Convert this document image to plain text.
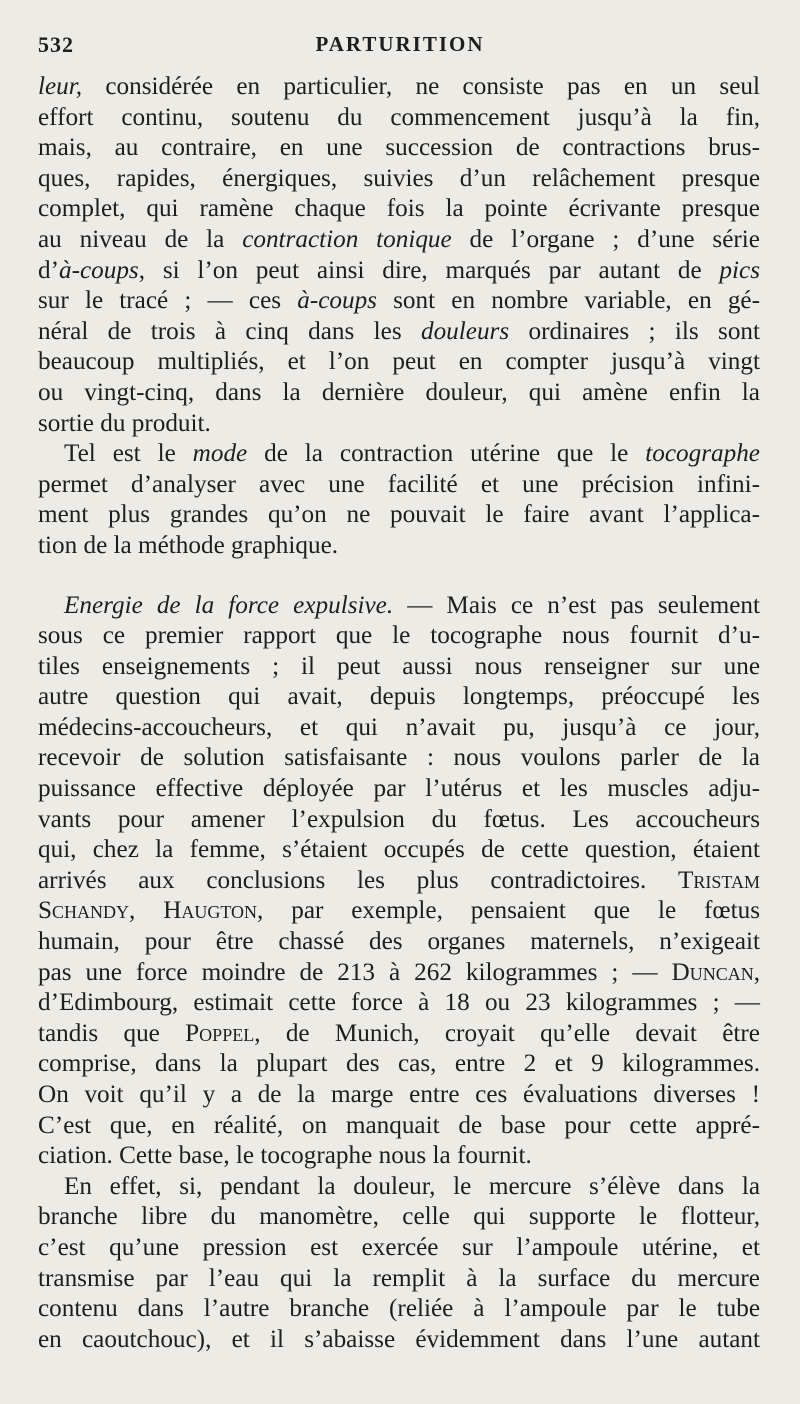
532	PARTURITION
leur, considérée en particulier, ne consiste pas en un seul
effort continu, soutenu du commencement jusqu’à la fin,
mais, au contraire, en une succession de contractions brus-
ques, rapides, énergiques, suivies d’un relâchement presque
complet, qui ramène chaque fois la pointe écrivante presque
au niveau de la contraction tonique de l’organe ; d’une série
d’à-coups, si l’on peut ainsi dire, marqués par autant de pics
sur le tracé ; — ces à-coups sont en nombre variable, en gé-
néral de trois à cinq dans les douleurs ordinaires ; ils sont
beaucoup multipliés, et l’on peut en compter jusqu’à vingt
ou vingt-cinq, dans la dernière douleur, qui amène enfin la
sortie du produit.
Tel est le mode de la contraction utérine que le tocographe
permet d’analyser avec une facilité et une précision infini-
ment plus grandes qu’on ne pouvait le faire avant l’applica-
tion de la méthode graphique.
Energie de la force expulsive. — Mais ce n’est pas seulement
sous ce premier rapport que le tocographe nous fournit d’u-
tiles enseignements ; il peut aussi nous renseigner sur une
autre question qui avait, depuis longtemps, préoccupé les
médecins-accoucheurs, et qui n’avait pu, jusqu’à ce jour,
recevoir de solution satisfaisante : nous voulons parler de la
puissance effective déployée par l’utérus et les muscles adju-
vants pour amener l’expulsion du fœtus. Les accoucheurs
qui, chez la femme, s’étaient occupés de cette question, étaient
arrivés aux conclusions les plus contradictoires. Tristam
Schandy, Haugton, par exemple, pensaient que le fœtus
humain, pour être chassé des organes maternels, n’exigeait
pas une force moindre de 213 à 262 kilogrammes ; — Duncan,
d’Edimbourg, estimait cette force à 18 ou 23 kilogrammes ; —
tandis que Poppel, de Munich, croyait qu’elle devait être
comprise, dans la plupart des cas, entre 2 et 9 kilogrammes.
On voit qu’il y a de la marge entre ces évaluations diverses !
C’est que, en réalité, on manquait de base pour cette appré-
ciation. Cette base, le tocographe nous la fournit.
En effet, si, pendant la douleur, le mercure s’élève dans la
branche libre du manomètre, celle qui supporte le flotteur,
c’est qu’une pression est exercée sur l’ampoule utérine, et
transmise par l’eau qui la remplit à la surface du mercure
contenu dans l’autre branche (reliée à l’ampoule par le tube
en caoutchouc), et il s’abaisse évidemment dans l’une autant
